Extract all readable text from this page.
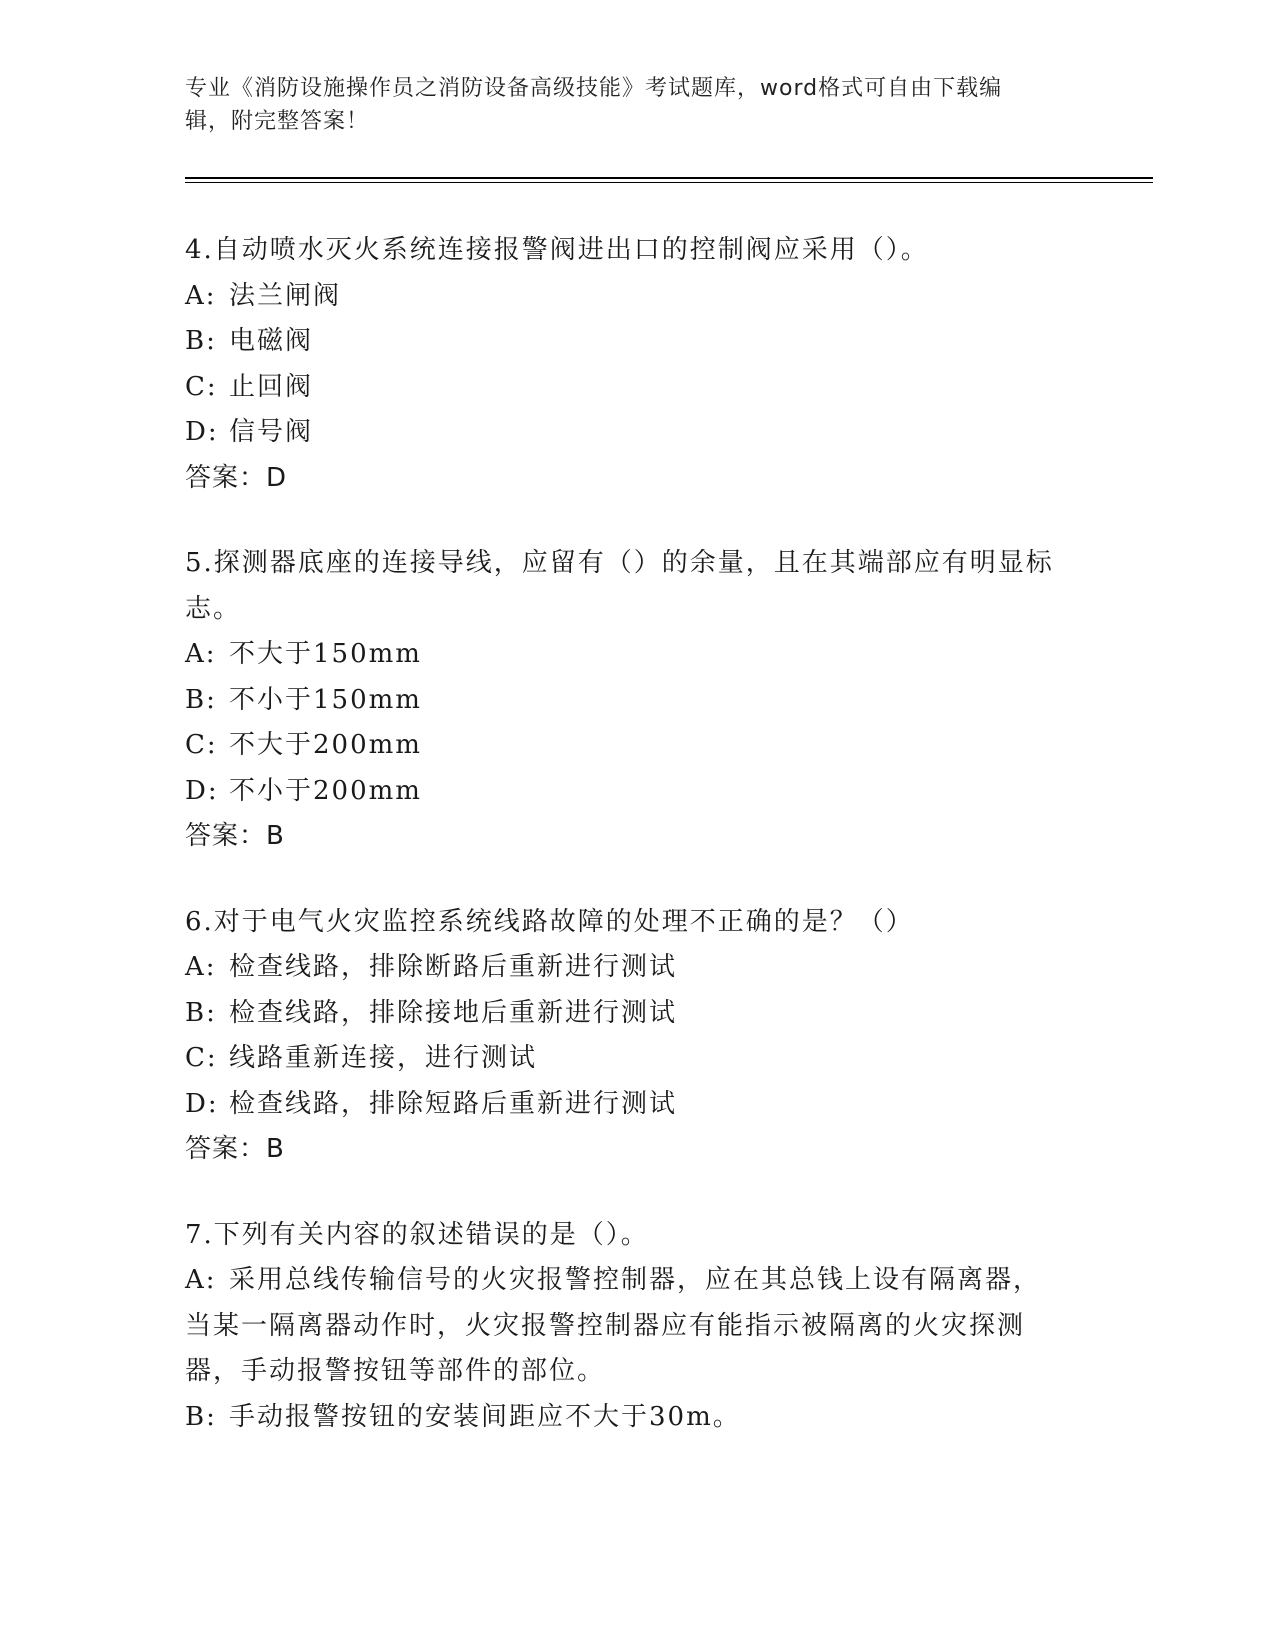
专业《消防设施操作员之消防设备高级技能》考试题库，word格式可自由下载编
辑，附完整答案！
4.自动喷水灭火系统连接报警阀进出口的控制阀应采用（）。
A: 法兰闸阀
B: 电磁阀
C: 止回阀
D: 信号阀
答案：D
5.探测器底座的连接导线，应留有（）的余量，且在其端部应有明显标志。
A: 不大于150mm
B: 不小于150mm
C: 不大于200mm
D: 不小于200mm
答案：B
6.对于电气火灾监控系统线路故障的处理不正确的是？（）
A: 检查线路，排除断路后重新进行测试
B: 检查线路，排除接地后重新进行测试
C: 线路重新连接，进行测试
D: 检查线路，排除短路后重新进行测试
答案：B
7.下列有关内容的叙述错误的是（）。
A: 采用总线传输信号的火灾报警控制器，应在其总钱上设有隔离器，当某一隔离器动作时，火灾报警控制器应有能指示被隔离的火灾探测器，手动报警按钮等部件的部位。
B: 手动报警按钮的安装间距应不大于30m。
